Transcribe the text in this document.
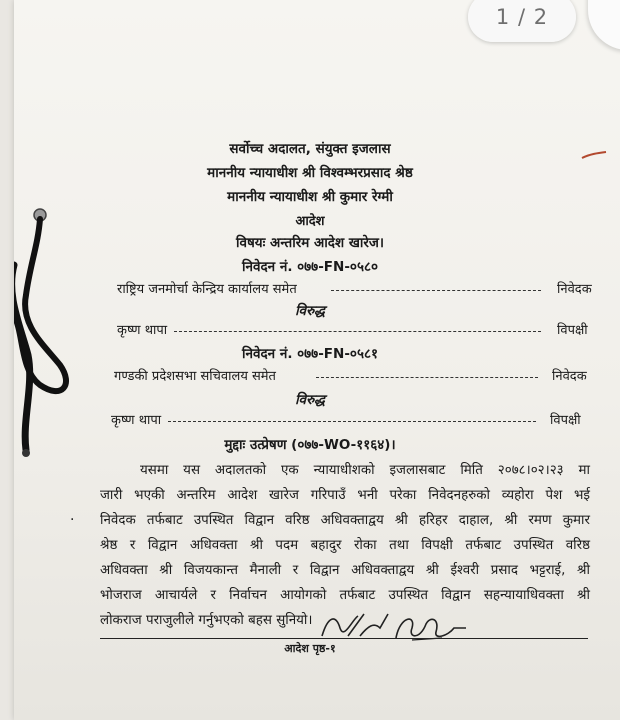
सर्वोच्च अदालत, संयुक्त इजलास
माननीय न्यायाधीश श्री विश्वम्भरप्रसाद श्रेष्ठ
माननीय न्यायाधीश श्री कुमार रेग्मी
आदेश
विषयः अन्तरिम आदेश खारेज।
निवेदन नं. ०७७-FN-०५८०
राष्ट्रिय जनमोर्चा केन्द्रिय कार्यालय समेत	निवेदक
विरुद्ध
कृष्ण थापा	विपक्षी
निवेदन नं. ०७७-FN-०५८१
गण्डकी प्रदेशसभा सचिवालय समेत	निवेदक
विरुद्ध
कृष्ण थापा	विपक्षी
मुद्दाः उत्प्रेषण (०७७-WO-११६४)।
यसमा यस अदालतको एक न्यायाधीशको इजलासबाट मिति २०७८।०२।२३ मा
जारी भएकी अन्तरिम आदेश खारेज गरिपाउँ भनी परेका निवेदनहरुको व्यहोरा पेश भई
निवेदक तर्फबाट उपस्थित विद्वान वरिष्ठ अधिवक्ताद्वय श्री हरिहर दाहाल, श्री रमण कुमार
श्रेष्ठ र विद्वान अधिवक्ता श्री पदम बहादुर रोका तथा विपक्षी तर्फबाट उपस्थित वरिष्ठ
अधिवक्ता श्री विजयकान्त मैनाली र विद्वान अधिवक्ताद्वय श्री ईश्वरी प्रसाद भट्टराई, श्री
भोजराज आचार्यले र निर्वाचन आयोगको तर्फबाट उपस्थित विद्वान सहन्यायाधिवक्ता श्री
लोकराज पराजुलीले गर्नुभएको बहस सुनियो।
आदेश पृष्ठ-१
·
1 / 2
